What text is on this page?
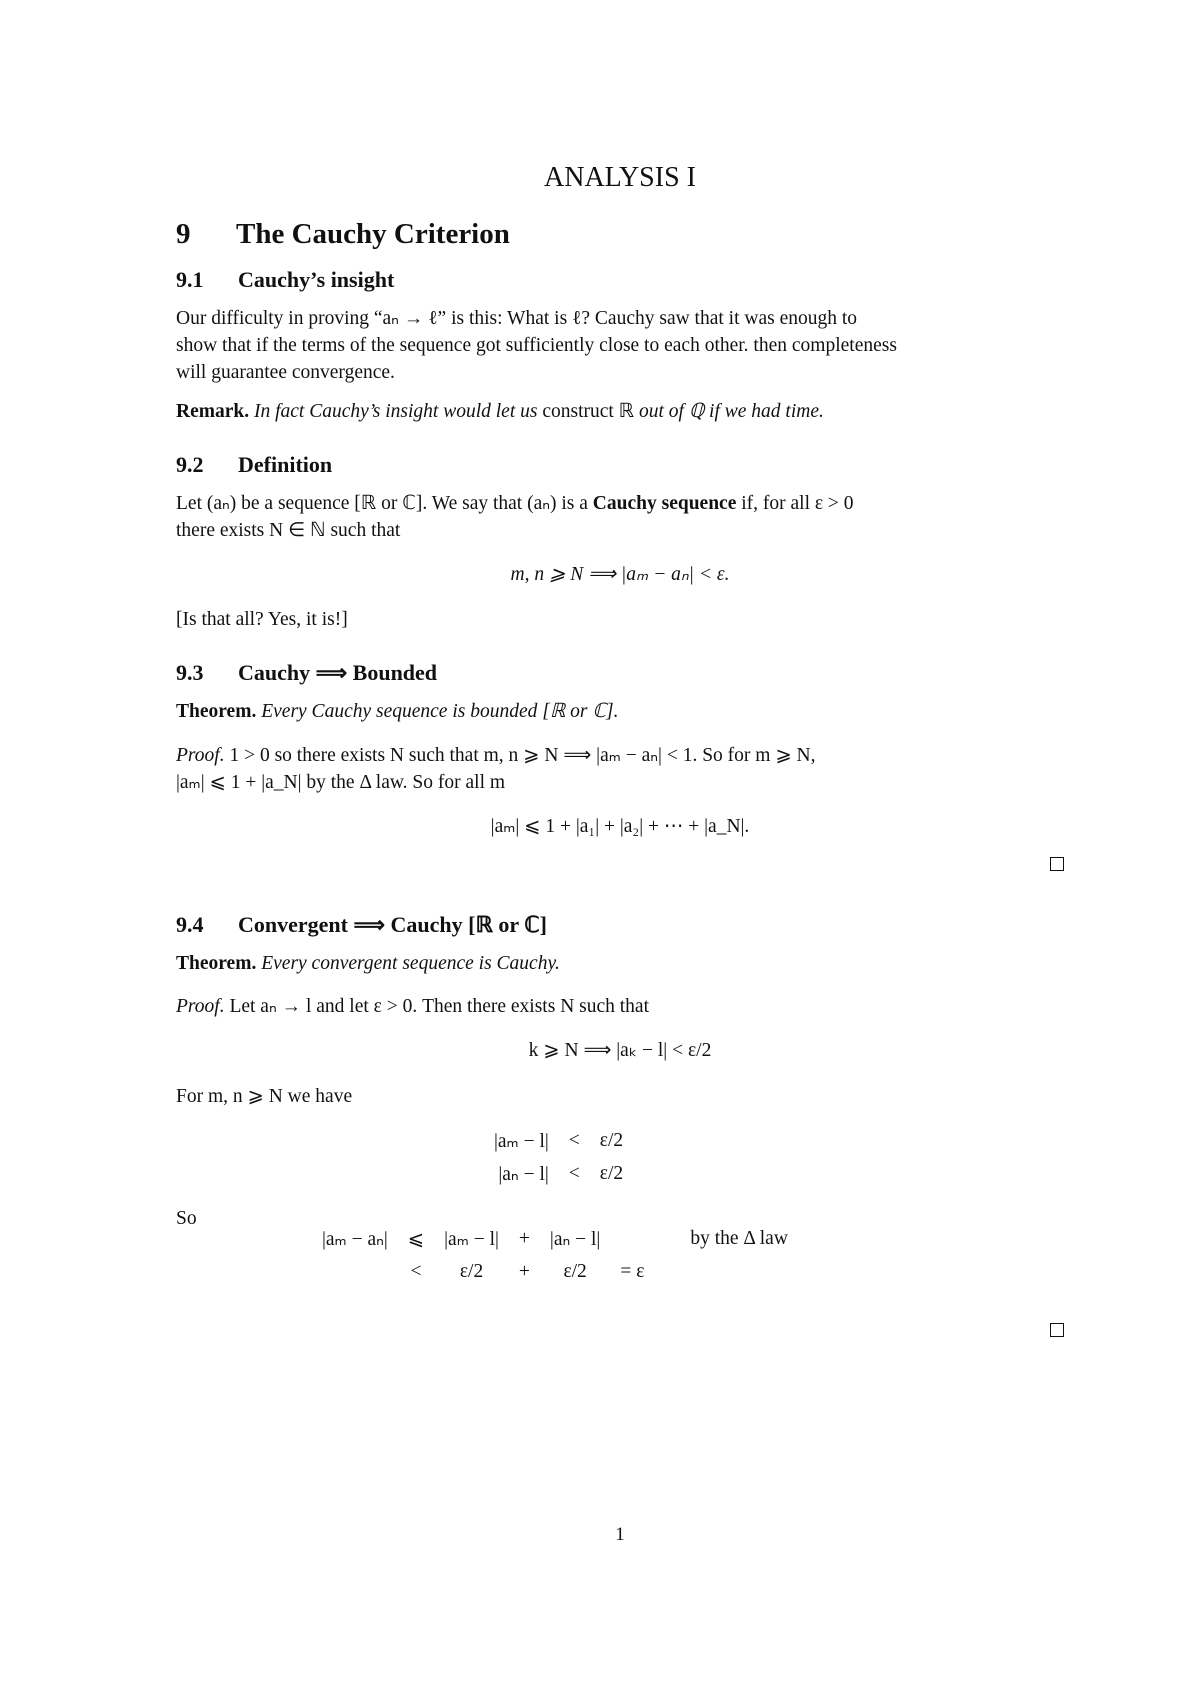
ANALYSIS I
9 The Cauchy Criterion
9.1 Cauchy’s insight
Our difficulty in proving “aₙ → ℓ” is this: What is ℓ? Cauchy saw that it was enough to
show that if the terms of the sequence got sufficiently close to each other. then completeness
will guarantee convergence.
Remark. In fact Cauchy’s insight would let us construct ℝ out of ℚ if we had time.
9.2 Definition
Let (aₙ) be a sequence [ℝ or ℂ]. We say that (aₙ) is a Cauchy sequence if, for all ε > 0
there exists N ∈ ℕ such that
m, n ⩾ N ⟹ |aₘ − aₙ| < ε.
[Is that all? Yes, it is!]
9.3 Cauchy ⟹ Bounded
Theorem. Every Cauchy sequence is bounded [ℝ or ℂ].
Proof. 1 > 0 so there exists N such that m, n ⩾ N ⟹ |aₘ − aₙ| < 1. So for m ⩾ N,
|aₘ| ⩽ 1 + |a_N| by the Δ law. So for all m
|aₘ| ⩽ 1 + |a₁| + |a₂| + ⋯ + |a_N|.
9.4 Convergent ⟹ Cauchy [ℝ or ℂ]
Theorem. Every convergent sequence is Cauchy.
Proof. Let aₙ → l and let ε > 0. Then there exists N such that
k ⩾ N ⟹ |aₖ − l| < ε/2
For m, n ⩾ N we have
|aₘ − l|	<	ε/2
|aₙ − l|	<	ε/2
So
|aₘ − aₙ|	⩽	|aₘ − l|	+	|aₙ − l|		by the Δ law
	<	ε/2	+	ε/2	= ε	
1
